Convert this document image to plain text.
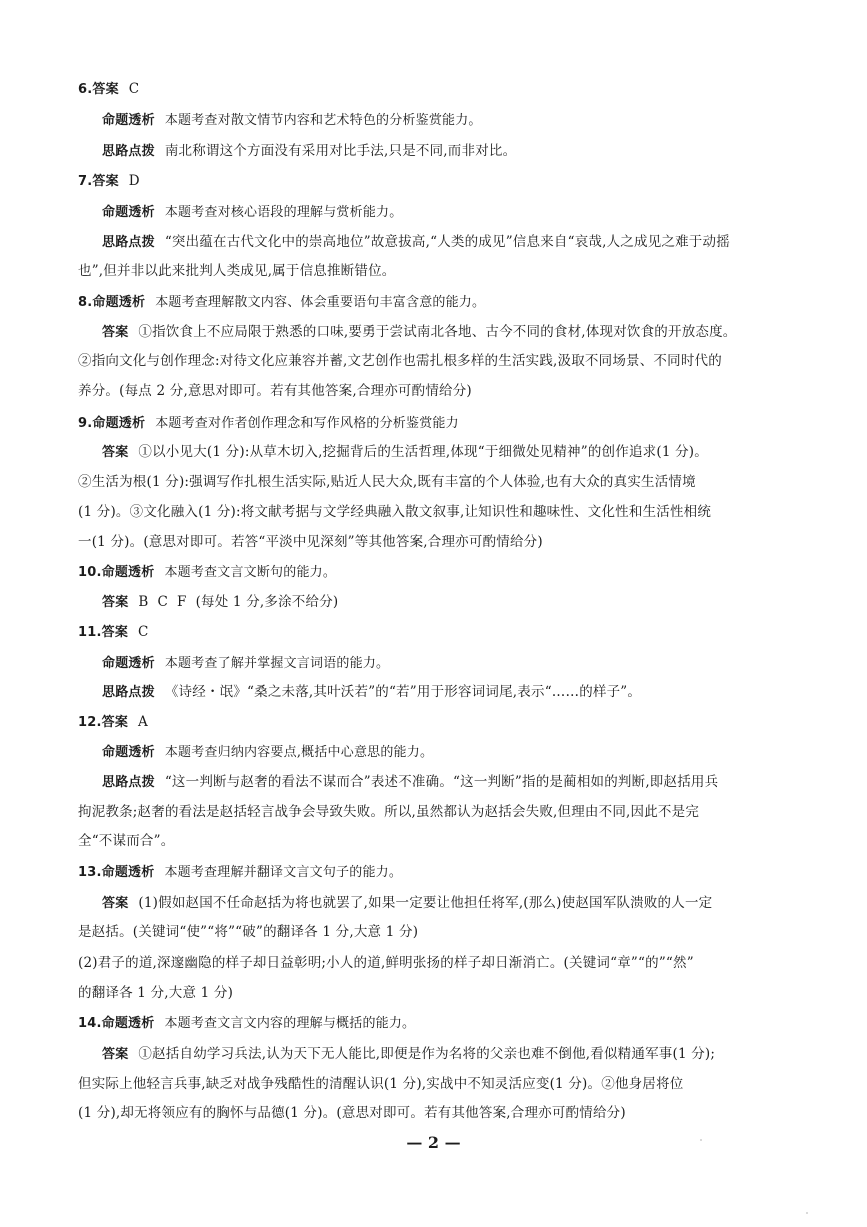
6.答案 C
命题透析 本题考查对散文情节内容和艺术特色的分析鉴赏能力。
思路点拨 南北称谓这个方面没有采用对比手法,只是不同,而非对比。
7.答案 D
命题透析 本题考查对核心语段的理解与赏析能力。
思路点拨 “突出蕴在古代文化中的崇高地位”故意拔高,“人类的成见”信息来自“哀哉,人之成见之难于动摇
也”,但并非以此来批判人类成见,属于信息推断错位。
8.命题透析 本题考查理解散文内容、体会重要语句丰富含意的能力。
答案 ①指饮食上不应局限于熟悉的口味,要勇于尝试南北各地、古今不同的食材,体现对饮食的开放态度。
②指向文化与创作理念:对待文化应兼容并蓄,文艺创作也需扎根多样的生活实践,汲取不同场景、不同时代的
养分。(每点 2 分,意思对即可。若有其他答案,合理亦可酌情给分)
9.命题透析 本题考查对作者创作理念和写作风格的分析鉴赏能力
答案 ①以小见大(1 分):从草木切入,挖掘背后的生活哲理,体现“于细微处见精神”的创作追求(1 分)。
②生活为根(1 分):强调写作扎根生活实际,贴近人民大众,既有丰富的个人体验,也有大众的真实生活情境
(1 分)。③文化融入(1 分):将文献考据与文学经典融入散文叙事,让知识性和趣味性、文化性和生活性相统
一(1 分)。(意思对即可。若答“平淡中见深刻”等其他答案,合理亦可酌情给分)
10.命题透析 本题考查文言文断句的能力。
答案 B  C  F  (每处 1 分,多涂不给分)
11.答案 C
命题透析 本题考查了解并掌握文言词语的能力。
思路点拨 《诗经・氓》“桑之未落,其叶沃若”的“若”用于形容词词尾,表示“……的样子”。
12.答案 A
命题透析 本题考查归纳内容要点,概括中心意思的能力。
思路点拨 “这一判断与赵奢的看法不谋而合”表述不准确。“这一判断”指的是蔺相如的判断,即赵括用兵
拘泥教条;赵奢的看法是赵括轻言战争会导致失败。所以,虽然都认为赵括会失败,但理由不同,因此不是完
全“不谋而合”。
13.命题透析 本题考查理解并翻译文言文句子的能力。
答案 (1)假如赵国不任命赵括为将也就罢了,如果一定要让他担任将军,(那么)使赵国军队溃败的人一定
是赵括。(关键词“使”“将”“破”的翻译各 1 分,大意 1 分)
(2)君子的道,深邃幽隐的样子却日益彰明;小人的道,鲜明张扬的样子却日渐消亡。(关键词“章”“的”“然”
的翻译各 1 分,大意 1 分)
14.命题透析 本题考查文言文内容的理解与概括的能力。
答案 ①赵括自幼学习兵法,认为天下无人能比,即便是作为名将的父亲也难不倒他,看似精通军事(1 分);
但实际上他轻言兵事,缺乏对战争残酷性的清醒认识(1 分),实战中不知灵活应变(1 分)。②他身居将位
(1 分),却无将领应有的胸怀与品德(1 分)。(意思对即可。若有其他答案,合理亦可酌情给分)
— 2 —
